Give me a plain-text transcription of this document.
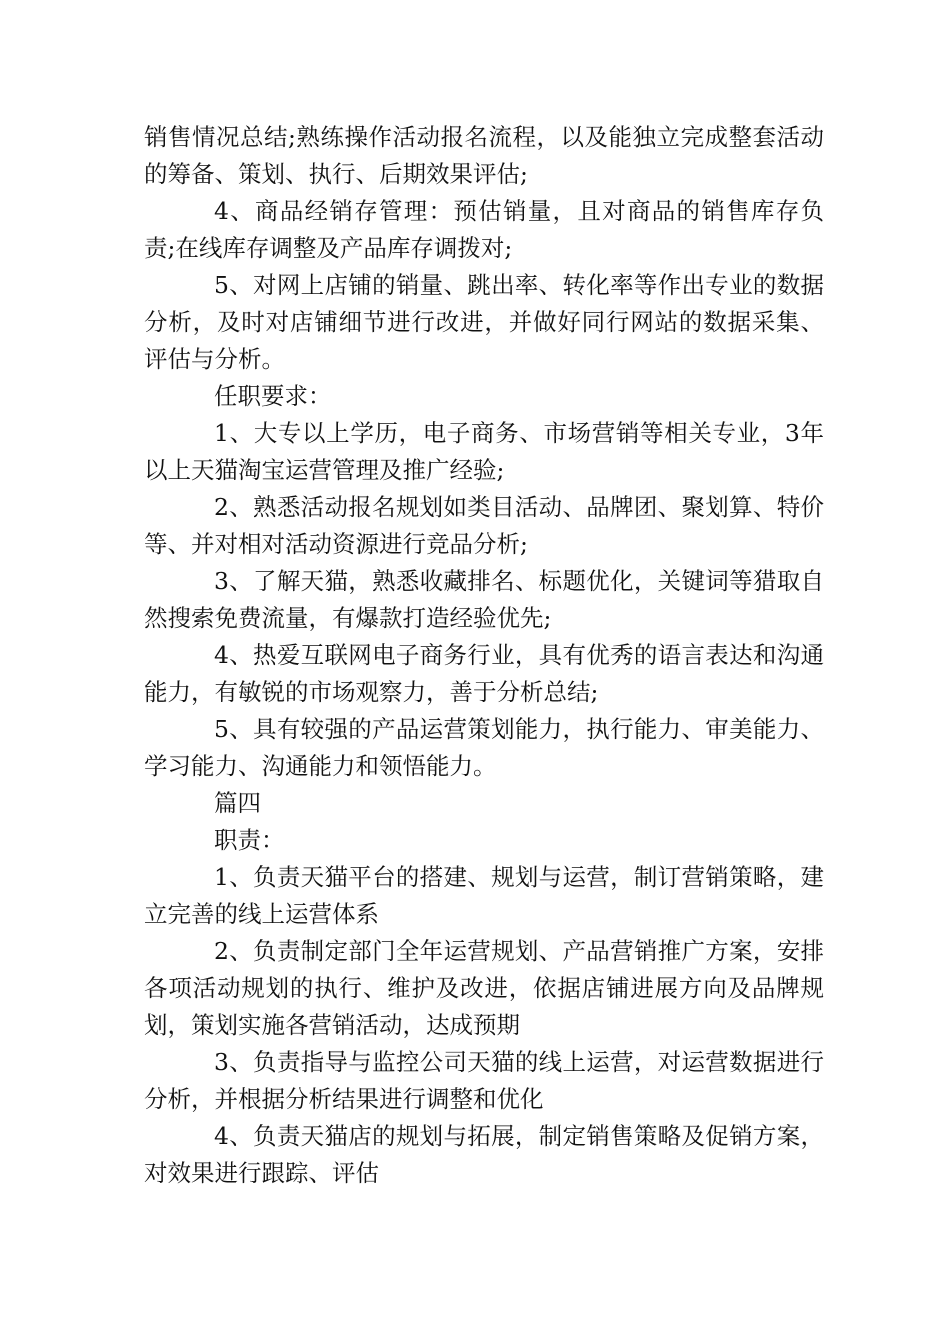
销售情况总结;熟练操作活动报名流程，以及能独立完成整套活动的筹备、策划、执行、后期效果评估;

4、商品经销存管理：预估销量，且对商品的销售库存负责;在线库存调整及产品库存调拨对;

5、对网上店铺的销量、跳出率、转化率等作出专业的数据分析，及时对店铺细节进行改进，并做好同行网站的数据采集、评估与分析。

任职要求：

1、大专以上学历，电子商务、市场营销等相关专业，3年以上天猫淘宝运营管理及推广经验;

2、熟悉活动报名规划如类目活动、品牌团、聚划算、特价等、并对相对活动资源进行竞品分析;

3、了解天猫，熟悉收藏排名、标题优化，关键词等猎取自然搜索免费流量，有爆款打造经验优先;

4、热爱互联网电子商务行业，具有优秀的语言表达和沟通能力，有敏锐的市场观察力，善于分析总结;

5、具有较强的产品运营策划能力，执行能力、审美能力、学习能力、沟通能力和领悟能力。

篇四

职责：

1、负责天猫平台的搭建、规划与运营，制订营销策略，建立完善的线上运营体系

2、负责制定部门全年运营规划、产品营销推广方案，安排各项活动规划的执行、维护及改进，依据店铺进展方向及品牌规划，策划实施各营销活动，达成预期

3、负责指导与监控公司天猫的线上运营，对运营数据进行分析，并根据分析结果进行调整和优化

4、负责天猫店的规划与拓展，制定销售策略及促销方案，对效果进行跟踪、评估
